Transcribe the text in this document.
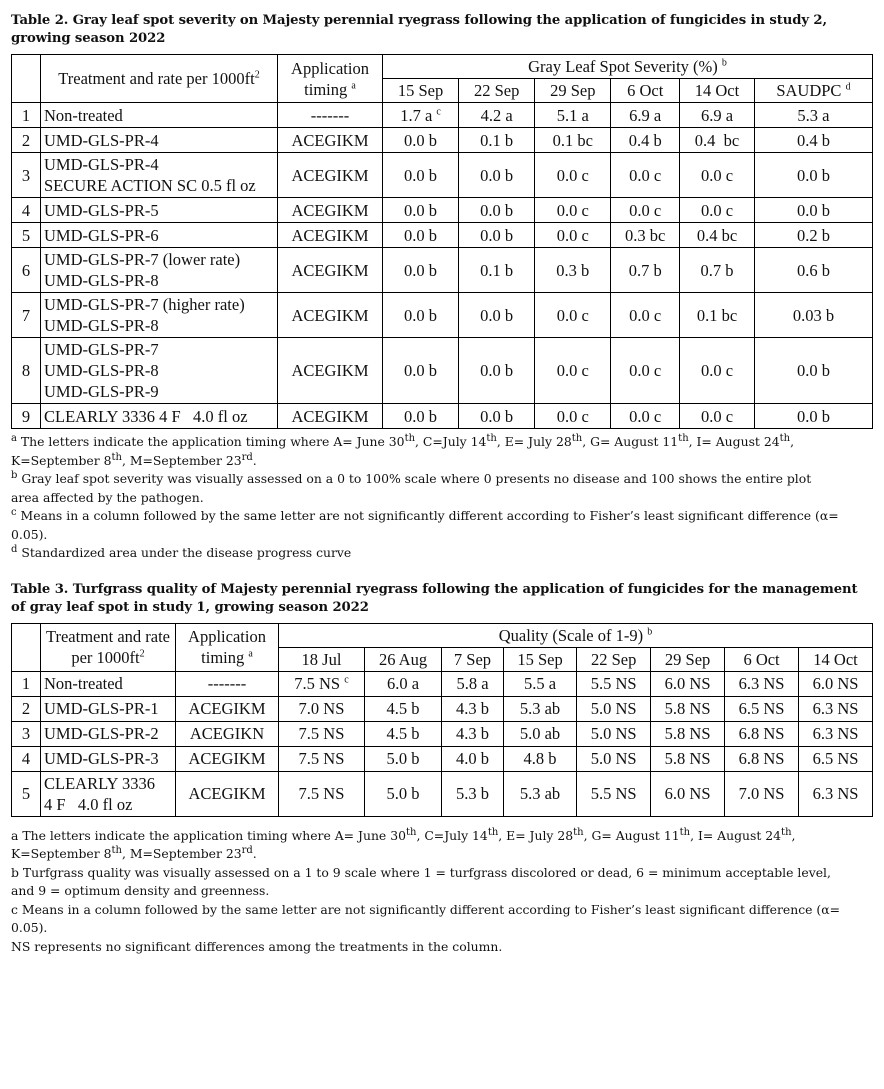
Table 2. Gray leaf spot severity on Majesty perennial ryegrass following the application of fungicides in study 2, growing season 2022
	Treatment and rate per $1000ft^2$	Application timing $^a$	Gray Leaf Spot Severity (%) $^b$
			15 Sep	22 Sep	29 Sep	6 Oct	14 Oct	SAUDPC $^d$
1	Non-treated	-------	1.7 a $^c$	4.2 a	5.1 a	6.9 a	6.9 a	5.3 a
2	UMD-GLS-PR-4	ACEGIKM	0.0 b	0.1 b	0.1 bc	0.4 b	0.4  bc	0.4 b
3	UMD-GLS-PR-4
SECURE ACTION SC 0.5 fl oz	ACEGIKM	0.0 b	0.0 b	0.0 c	0.0 c	0.0 c	0.0 b
4	UMD-GLS-PR-5	ACEGIKM	0.0 b	0.0 b	0.0 c	0.0 c	0.0 c	0.0 b
5	UMD-GLS-PR-6	ACEGIKM	0.0 b	0.0 b	0.0 c	0.3 bc	0.4 bc	0.2 b
6	UMD-GLS-PR-7 (lower rate)
UMD-GLS-PR-8	ACEGIKM	0.0 b	0.1 b	0.3 b	0.7 b	0.7 b	0.6 b
7	UMD-GLS-PR-7 (higher rate)
UMD-GLS-PR-8	ACEGIKM	0.0 b	0.0 b	0.0 c	0.0 c	0.1 bc	0.03 b
8	UMD-GLS-PR-7
UMD-GLS-PR-8
UMD-GLS-PR-9	ACEGIKM	0.0 b	0.0 b	0.0 c	0.0 c	0.0 c	0.0 b
9	CLEARLY 3336 4 F   4.0 fl oz	ACEGIKM	0.0 b	0.0 b	0.0 c	0.0 c	0.0 c	0.0 b
$^a$ The letters indicate the application timing where A= June 30th, C=July 14th, E= July 28th, G= August 11th, I= August 24th,
K=September 8th, M=September 23rd.
$^b$ Gray leaf spot severity was visually assessed on a 0 to 100% scale where 0 presents no disease and 100 shows the entire plot
area affected by the pathogen.
$^c$ Means in a column followed by the same letter are not significantly different according to Fisher’s least significant difference (α=
0.05).
$^d$ Standardized area under the disease progress curve
Table 3. Turfgrass quality of Majesty perennial ryegrass following the application of fungicides for the management of gray leaf spot in study 1, growing season 2022
	Treatment and rate per $1000ft^2$	Application timing $^a$	Quality (Scale of 1-9) $^b$
			18 Jul	26 Aug	7 Sep	15 Sep	22 Sep	29 Sep	6 Oct	14 Oct
1	Non-treated	-------	7.5 NS $^c$	6.0 a	5.8 a	5.5 a	5.5 NS	6.0 NS	6.3 NS	6.0 NS
2	UMD-GLS-PR-1	ACEGIKM	7.0 NS	4.5 b	4.3 b	5.3 ab	5.0 NS	5.8 NS	6.5 NS	6.3 NS
3	UMD-GLS-PR-2	ACEGIKN	7.5 NS	4.5 b	4.3 b	5.0 ab	5.0 NS	5.8 NS	6.8 NS	6.3 NS
4	UMD-GLS-PR-3	ACEGIKM	7.5 NS	5.0 b	4.0 b	4.8 b	5.0 NS	5.8 NS	6.8 NS	6.5 NS
5	CLEARLY 3336
4 F   4.0 fl oz	ACEGIKM	7.5 NS	5.0 b	5.3 b	5.3 ab	5.5 NS	6.0 NS	7.0 NS	6.3 NS
a The letters indicate the application timing where A= June 30th, C=July 14th, E= July 28th, G= August 11th, I= August 24th,
K=September 8th, M=September 23rd.
b Turfgrass quality was visually assessed on a 1 to 9 scale where 1 = turfgrass discolored or dead, 6 = minimum acceptable level,
and 9 = optimum density and greenness.
c Means in a column followed by the same letter are not significantly different according to Fisher’s least significant difference (α=
0.05).
NS represents no significant differences among the treatments in the column.
